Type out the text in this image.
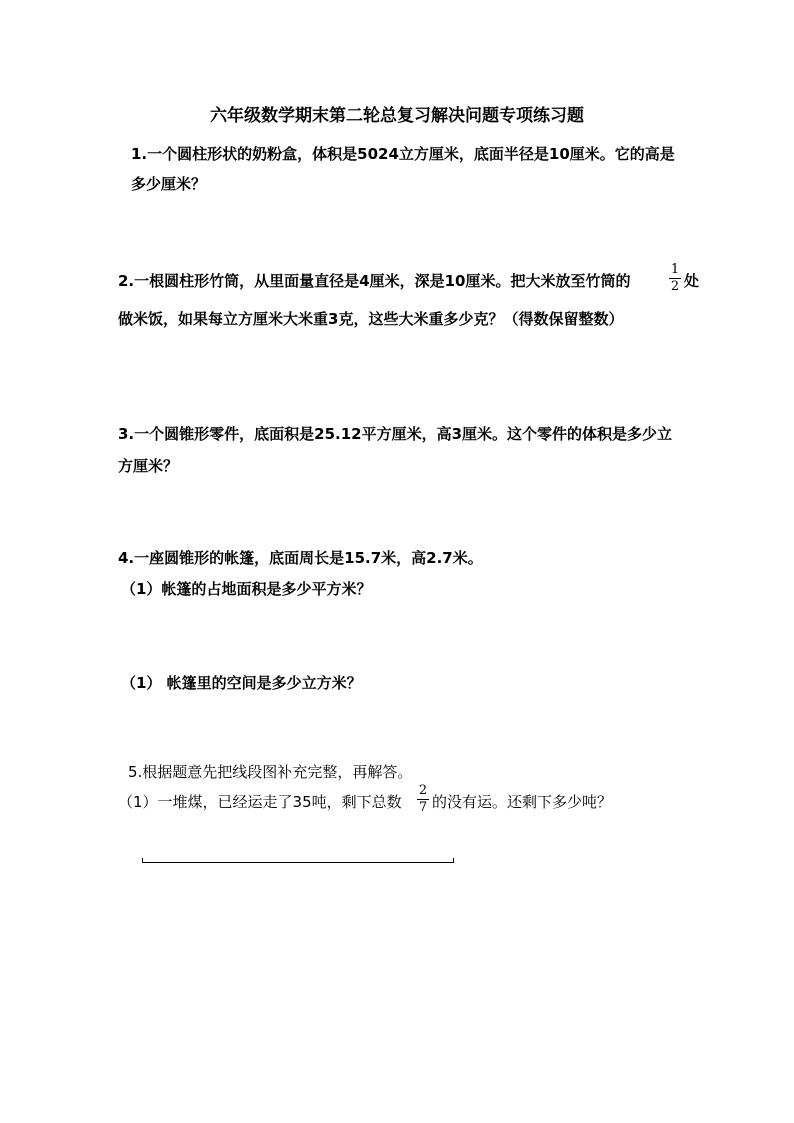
六年级数学期末第二轮总复习解决问题专项练习题
1.一个圆柱形状的奶粉盒，体积是5024立方厘米，底面半径是10厘米。它的高是
多少厘米？
2.一根圆柱形竹筒，从里面量直径是4厘米，深是10厘米。把大米放至竹筒的
1
2 处
做米饭，如果每立方厘米大米重3克，这些大米重多少克？（得数保留整数）
3.一个圆锥形零件，底面积是25.12平方厘米，高3厘米。这个零件的体积是多少立
方厘米？
4.一座圆锥形的帐篷，底面周长是15.7米，高2.7米。
（1）帐篷的占地面积是多少平方米？
（1） 帐篷里的空间是多少立方米？
5.根据题意先把线段图补充完整，再解答。
（1）一堆煤，已经运走了35吨，剩下总数
2
7 的没有运。还剩下多少吨？
